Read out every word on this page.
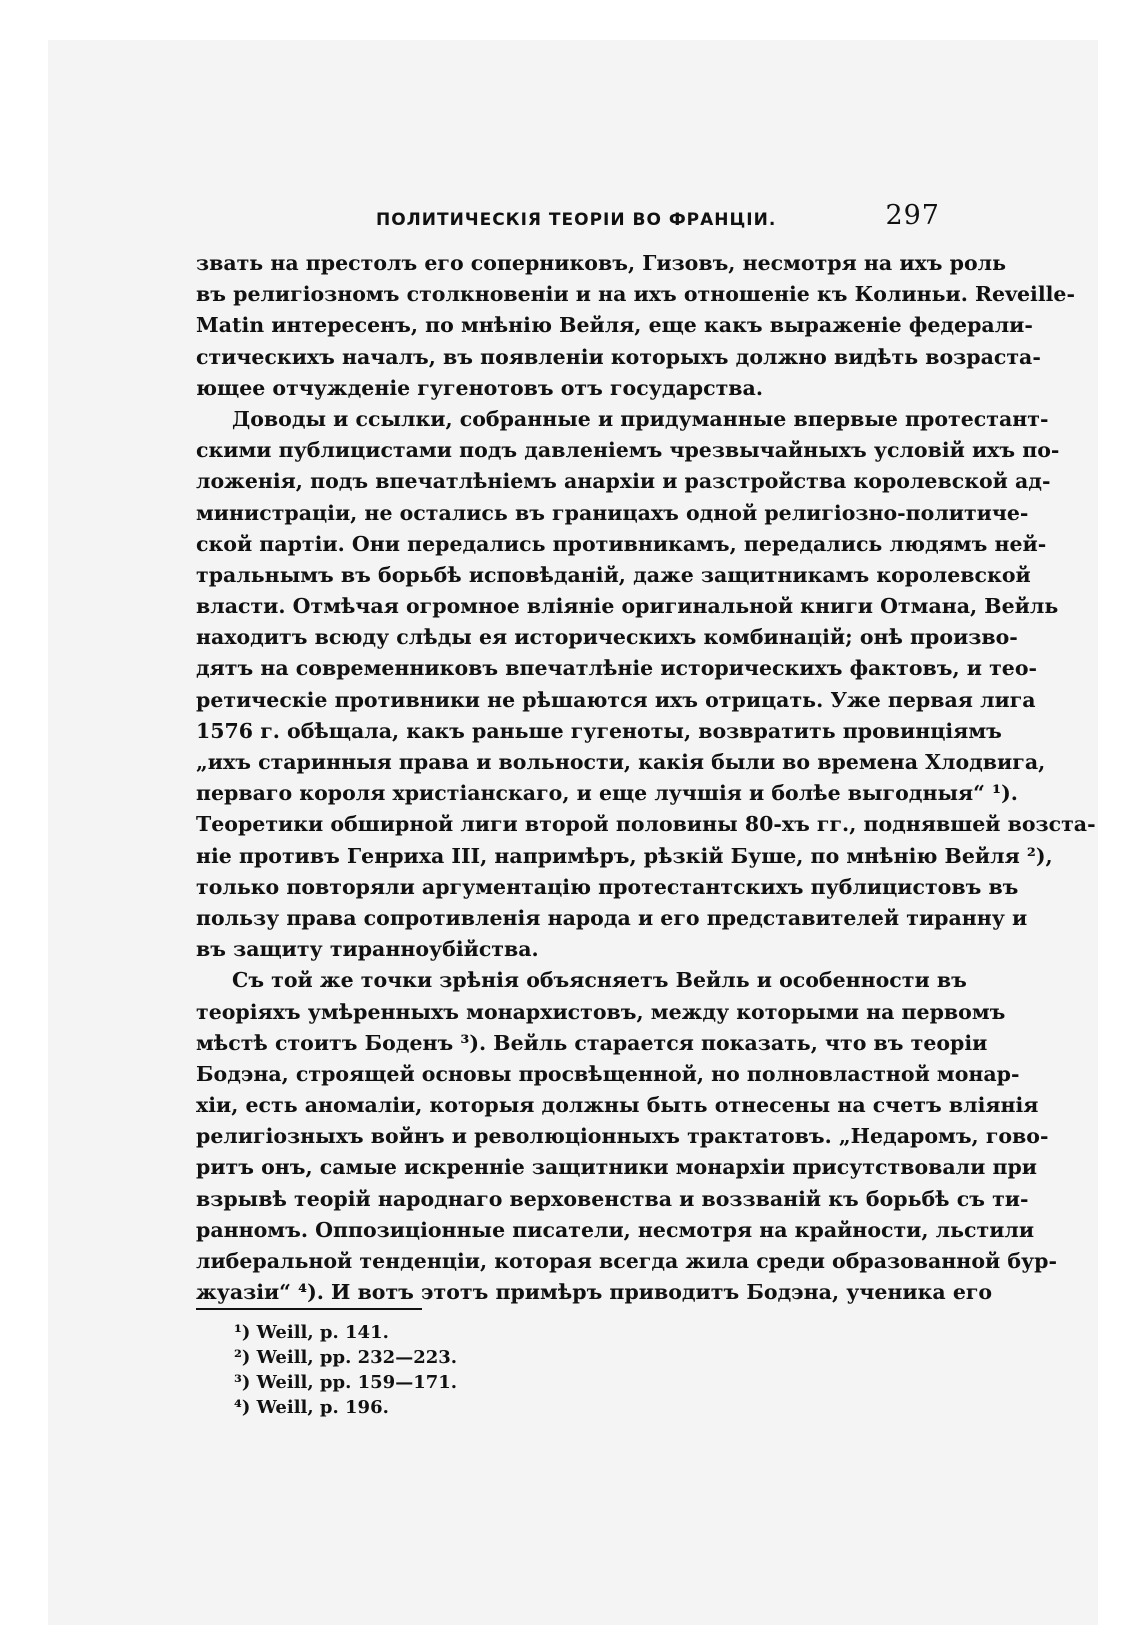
ПОЛИТИЧЕСКІЯ ТЕОРІИ ВО ФРАНЦІИ.	297
звать на престолъ его соперниковъ, Гизовъ, несмотря на ихъ роль
въ религіозномъ столкновеніи и на ихъ отношеніе къ Колиньи. Reveille-
Matin интересенъ, по мнѣнію Вейля, еще какъ выраженіе федерали-
стическихъ началъ, въ появленіи которыхъ должно видѣть возраста-
ющее отчужденіе гугенотовъ отъ государства.
Доводы и ссылки, собранные и придуманные впервые протестант-
скими публицистами подъ давленіемъ чрезвычайныхъ условій ихъ по-
ложенія, подъ впечатлѣніемъ анархіи и разстройства королевской ад-
министраціи, не остались въ границахъ одной религіозно-политиче-
ской партіи. Они передались противникамъ, передались людямъ ней-
тральнымъ въ борьбѣ исповѣданій, даже защитникамъ королевской
власти. Отмѣчая огромное вліяніе оригинальной книги Отмана, Вейль
находитъ всюду слѣды ея историческихъ комбинацій; онѣ произво-
дятъ на современниковъ впечатлѣніе историческихъ фактовъ, и тео-
ретическіе противники не рѣшаются ихъ отрицать. Уже первая лига
1576 г. обѣщала, какъ раньше гугеноты, возвратить провинціямъ
„ихъ старинныя права и вольности, какія были во времена Хлодвига,
перваго короля христіанскаго, и еще лучшія и болѣе выгодныя“ ¹).
Теоретики обширной лиги второй половины 80-хъ гг., поднявшей возста-
ніе противъ Генриха III, напримѣръ, рѣзкій Буше, по мнѣнію Вейля ²),
только повторяли аргументацію протестантскихъ публицистовъ въ
пользу права сопротивленія народа и его представителей тиранну и
въ защиту тиранноубійства.
Съ той же точки зрѣнія объясняетъ Вейль и особенности въ
теоріяхъ умѣренныхъ монархистовъ, между которыми на первомъ
мѣстѣ стоитъ Боденъ ³). Вейль старается показать, что въ теоріи
Бодэна, строящей основы просвѣщенной, но полновластной монар-
хіи, есть аномаліи, которыя должны быть отнесены на счетъ вліянія
религіозныхъ войнъ и революціонныхъ трактатовъ. „Недаромъ, гово-
ритъ онъ, самые искренніе защитники монархіи присутствовали при
взрывѣ теорій народнаго верховенства и воззваній къ борьбѣ съ ти-
ранномъ. Оппозиціонные писатели, несмотря на крайности, льстили
либеральной тенденціи, которая всегда жила среди образованной бур-
жуазіи“ ⁴). И вотъ этотъ примѣръ приводитъ Бодэна, ученика его
¹) Weill, p. 141.
²) Weill, pp. 232—223.
³) Weill, pp. 159—171.
⁴) Weill, p. 196.
